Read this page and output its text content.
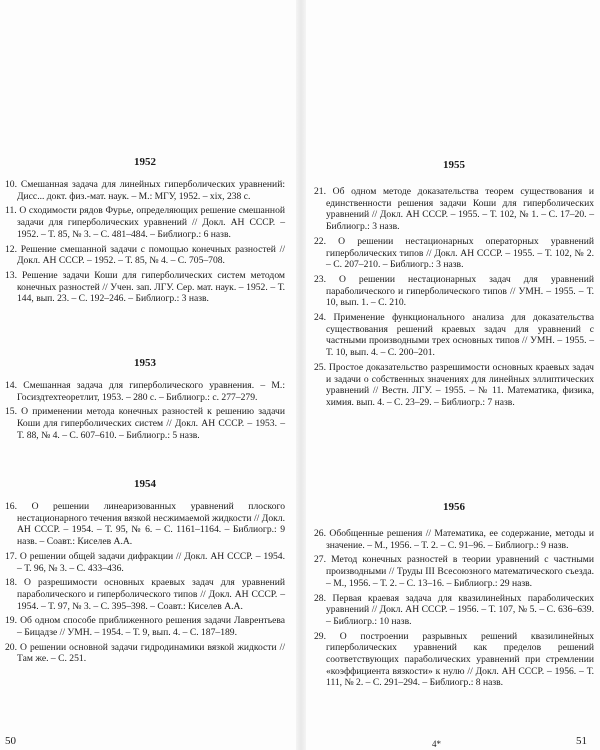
1952
10. Смешанная задача для линейных гиперболических уравнений: Дисс... докт. физ.-мат. наук. – М.: МГУ, 1952. – xix, 238 с.
11. О сходимости рядов Фурье, определяющих решение смешанной задачи для гиперболических уравнений // Докл. АН СССР. – 1952. – Т. 85, № 3. – С. 481–484. – Библиогр.: 6 назв.
12. Решение смешанной задачи с помощью конечных разностей // Докл. АН СССР. – 1952. – Т. 85, № 4. – С. 705–708.
13. Решение задачи Коши для гиперболических систем методом конечных разностей // Учен. зап. ЛГУ. Сер. мат. наук. – 1952. – Т. 144, вып. 23. – С. 192–246. – Библиогр.: 3 назв.
1953
14. Смешанная задача для гиперболического уравнения. – М.: Госиздтехтеоретлит, 1953. – 280 с. – Библиогр.: с. 277–279.
15. О применении метода конечных разностей к решению задачи Коши для гиперболических систем // Докл. АН СССР. – 1953. – Т. 88, № 4. – С. 607–610. – Библиогр.: 5 назв.
1954
16. О решении линеаризованных уравнений плоского нестационарного течения вязкой несжимаемой жидкости // Докл. АН СССР. – 1954. – Т. 95, № 6. – С. 1161–1164. – Библиогр.: 9 назв. – Соавт.: Киселев А.А.
17. О решении общей задачи дифракции // Докл. АН СССР. – 1954. – Т. 96, № 3. – С. 433–436.
18. О разрешимости основных краевых задач для уравнений параболического и гиперболического типов // Докл. АН СССР. – 1954. – Т. 97, № 3. – С. 395–398. – Соавт.: Киселев А.А.
19. Об одном способе приближенного решения задачи Лаврентьева – Бицадзе // УМН. – 1954. – Т. 9, вып. 4. – С. 187–189.
20. О решении основной задачи гидродинамики вязкой жидкости // Там же. – С. 251.
50
1955
21. Об одном методе доказательства теорем существования и единственности решения задачи Коши для гиперболических уравнений // Докл. АН СССР. – 1955. – Т. 102, № 1. – С. 17–20. – Библиогр.: 3 назв.
22. О решении нестационарных операторных уравнений гиперболических типов // Докл. АН СССР. – 1955. – Т. 102, № 2. – С. 207–210. – Библиогр.: 3 назв.
23. О решении нестационарных задач для уравнений параболического и гиперболического типов // УМН. – 1955. – Т. 10, вып. 1. – С. 210.
24. Применение функционального анализа для доказательства существования решений краевых задач для уравнений с частными производными трех основных типов // УМН. – 1955. – Т. 10, вып. 4. – С. 200–201.
25. Простое доказательство разрешимости основных краевых задач и задачи о собственных значениях для линейных эллиптических уравнений // Вестн. ЛГУ. – 1955. – № 11. Математика, физика, химия. вып. 4. – С. 23–29. – Библиогр.: 7 назв.
1956
26. Обобщенные решения // Математика, ее содержание, методы и значение. – М., 1956. – Т. 2. – С. 91–96. – Библиогр.: 9 назв.
27. Метод конечных разностей в теории уравнений с частными производными // Труды III Всесоюзного математического съезда. – М., 1956. – Т. 2. – С. 13–16. – Библиогр.: 29 назв.
28. Первая краевая задача для квазилинейных параболических уравнений // Докл. АН СССР. – 1956. – Т. 107, № 5. – С. 636–639. – Библиогр.: 10 назв.
29. О построении разрывных решений квазилинейных гиперболических уравнений как пределов решений соответствующих параболических уравнений при стремлении «коэффициента вязкости» к нулю // Докл. АН СССР. – 1956. – Т. 111, № 2. – С. 291–294. – Библиогр.: 8 назв.
4*	51
